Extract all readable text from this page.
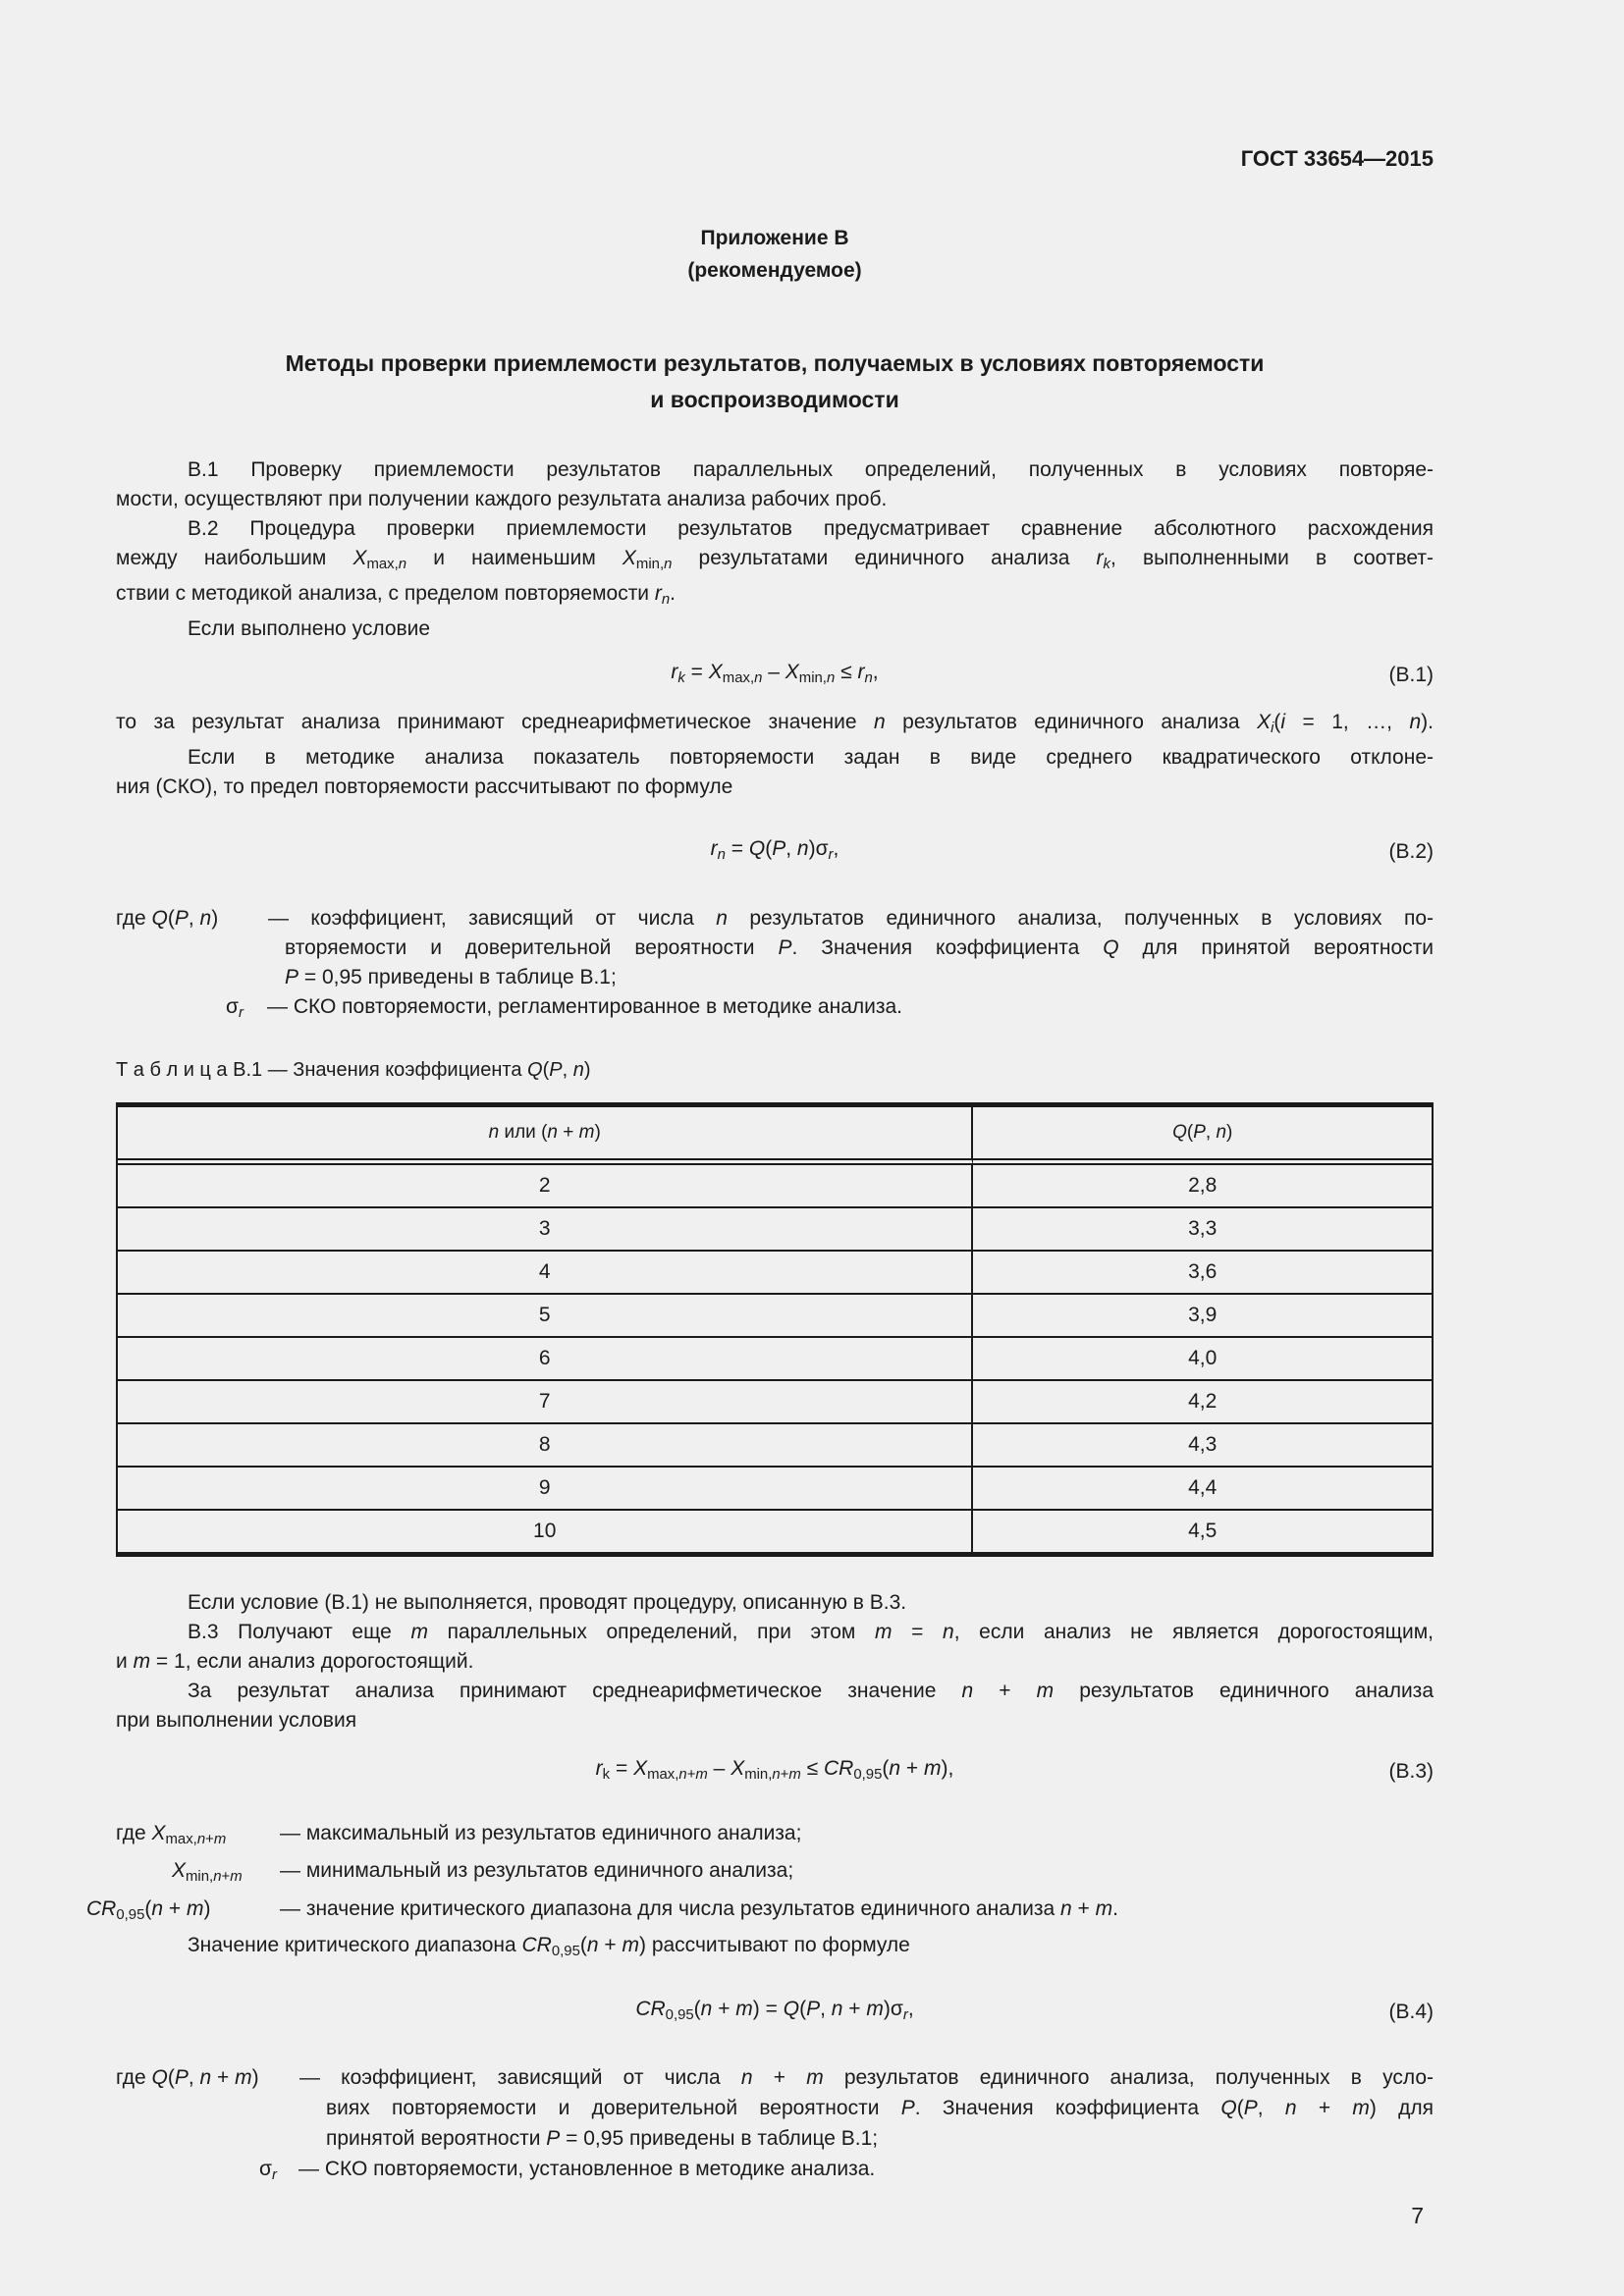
ГОСТ 33654—2015
Приложение В
(рекомендуемое)
Методы проверки приемлемости результатов, получаемых в условиях повторяемости
и воспроизводимости
В.1 Проверку приемлемости результатов параллельных определений, полученных в условиях повторяе-
мости, осуществляют при получении каждого результата анализа рабочих проб.
В.2 Процедура проверки приемлемости результатов предусматривает сравнение абсолютного расхождения
между наибольшим Xmax,n и наименьшим Xmin,n результатами единичного анализа rk, выполненными в соответ-
ствии с методикой анализа, с пределом повторяемости rn.
Если выполнено условие
rk = Xmax,n – Xmin,n ≤ rn,	(В.1)
то за результат анализа принимают среднеарифметическое значение n результатов единичного анализа Xi(i = 1, …, n).
Если в методике анализа показатель повторяемости задан в виде среднего квадратического отклоне-
ния (СКО), то предел повторяемости рассчитывают по формуле
rn = Q(P, n)σr,	(В.2)
где Q(P, n)	— коэффициент, зависящий от числа n результатов единичного анализа, полученных в условиях по-
вторяемости и доверительной вероятности P. Значения коэффициента Q для принятой вероятности
P = 0,95 приведены в таблице В.1;
σr	— СКО повторяемости, регламентированное в методике анализа.
Т а б л и ц а В.1 — Значения коэффициента Q(P, n)
n или (n + m)	Q(P, n)
2	2,8
3	3,3
4	3,6
5	3,9
6	4,0
7	4,2
8	4,3
9	4,4
10	4,5
Если условие (В.1) не выполняется, проводят процедуру, описанную в В.3.
В.3 Получают еще m параллельных определений, при этом m = n, если анализ не является дорогостоящим,
и m = 1, если анализ дорогостоящий.
За результат анализа принимают среднеарифметическое значение n + m результатов единичного анализа
при выполнении условия
rk = Xmax,n+m – Xmin,n+m ≤ CR0,95(n + m),	(В.3)
где Xmax,n+m	— максимальный из результатов единичного анализа;
Xmin,n+m	— минимальный из результатов единичного анализа;
CR0,95(n + m)	— значение критического диапазона для числа результатов единичного анализа n + m.
Значение критического диапазона CR0,95(n + m) рассчитывают по формуле
CR0,95(n + m) = Q(P, n + m)σr,	(В.4)
где Q(P, n + m)	— коэффициент, зависящий от числа n + m результатов единичного анализа, полученных в усло-
виях повторяемости и доверительной вероятности P. Значения коэффициента Q(P, n + m) для
принятой вероятности P = 0,95 приведены в таблице В.1;
σr	— СКО повторяемости, установленное в методике анализа.
7
